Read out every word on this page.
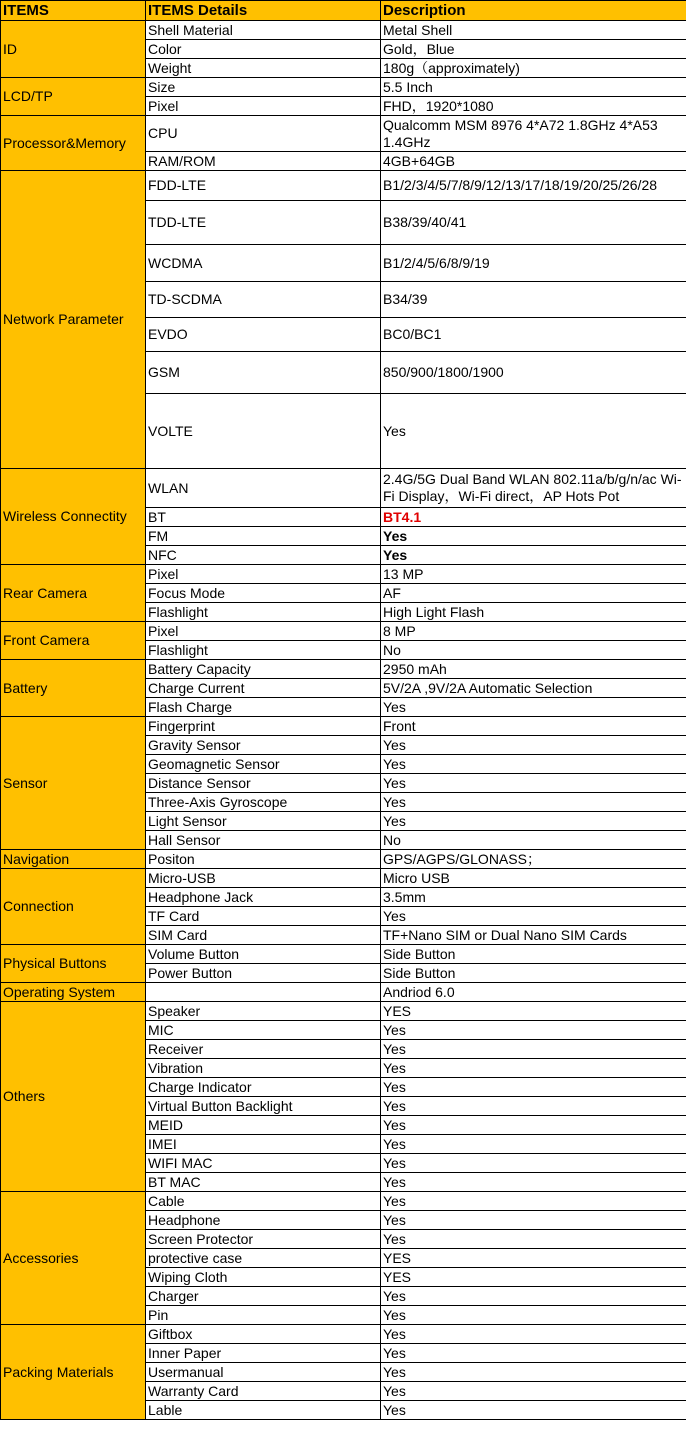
ITEMS	ITEMS Details	Description
ID	Shell Material	Metal Shell
	Color	Gold，Blue
	Weight	180g（approximately)
LCD/TP	Size	5.5 Inch
	Pixel	FHD，1920*1080
Processor&Memory	CPU	Qualcomm MSM 8976 4*A72 1.8GHz 4*A53 1.4GHz
	RAM/ROM	4GB+64GB
Network Parameter	FDD-LTE	B1/2/3/4/5/7/8/9/12/13/17/18/19/20/25/26/28
	TDD-LTE	B38/39/40/41
	WCDMA	B1/2/4/5/6/8/9/19
	TD-SCDMA	B34/39
	EVDO	BC0/BC1
	GSM	850/900/1800/1900
	VOLTE	Yes
Wireless Connectity	WLAN	2.4G/5G Dual Band WLAN 802.11a/b/g/n/ac Wi-Fi Display，Wi-Fi direct，AP Hots Pot
	BT	BT4.1
	FM	Yes
	NFC	Yes
Rear Camera	Pixel	13 MP
	Focus Mode	AF
	Flashlight	High Light Flash
Front Camera	Pixel	8 MP
	Flashlight	No
Battery	Battery Capacity	2950 mAh
	Charge Current	5V/2A ,9V/2A Automatic Selection
	Flash Charge	Yes
Sensor	Fingerprint	Front
	Gravity Sensor	Yes
	Geomagnetic Sensor	Yes
	Distance Sensor	Yes
	Three-Axis Gyroscope	Yes
	Light Sensor	Yes
	Hall Sensor	No
Navigation	Positon	GPS/AGPS/GLONASS；
Connection	Micro-USB	Micro USB
	Headphone Jack	3.5mm
	TF Card	Yes
	SIM Card	TF+Nano SIM or Dual Nano SIM Cards
Physical Buttons	Volume Button	Side Button
	Power Button	Side Button
Operating System		Andriod 6.0
Others	Speaker	YES
	MIC	Yes
	Receiver	Yes
	Vibration	Yes
	Charge Indicator	Yes
	Virtual Button Backlight	Yes
	MEID	Yes
	IMEI	Yes
	WIFI MAC	Yes
	BT MAC	Yes
Accessories	Cable	Yes
	Headphone	Yes
	Screen Protector	Yes
	protective case	YES
	Wiping Cloth	YES
	Charger	Yes
	Pin	Yes
Packing Materials	Giftbox	Yes
	Inner Paper	Yes
	Usermanual	Yes
	Warranty Card	Yes
	Lable	Yes
